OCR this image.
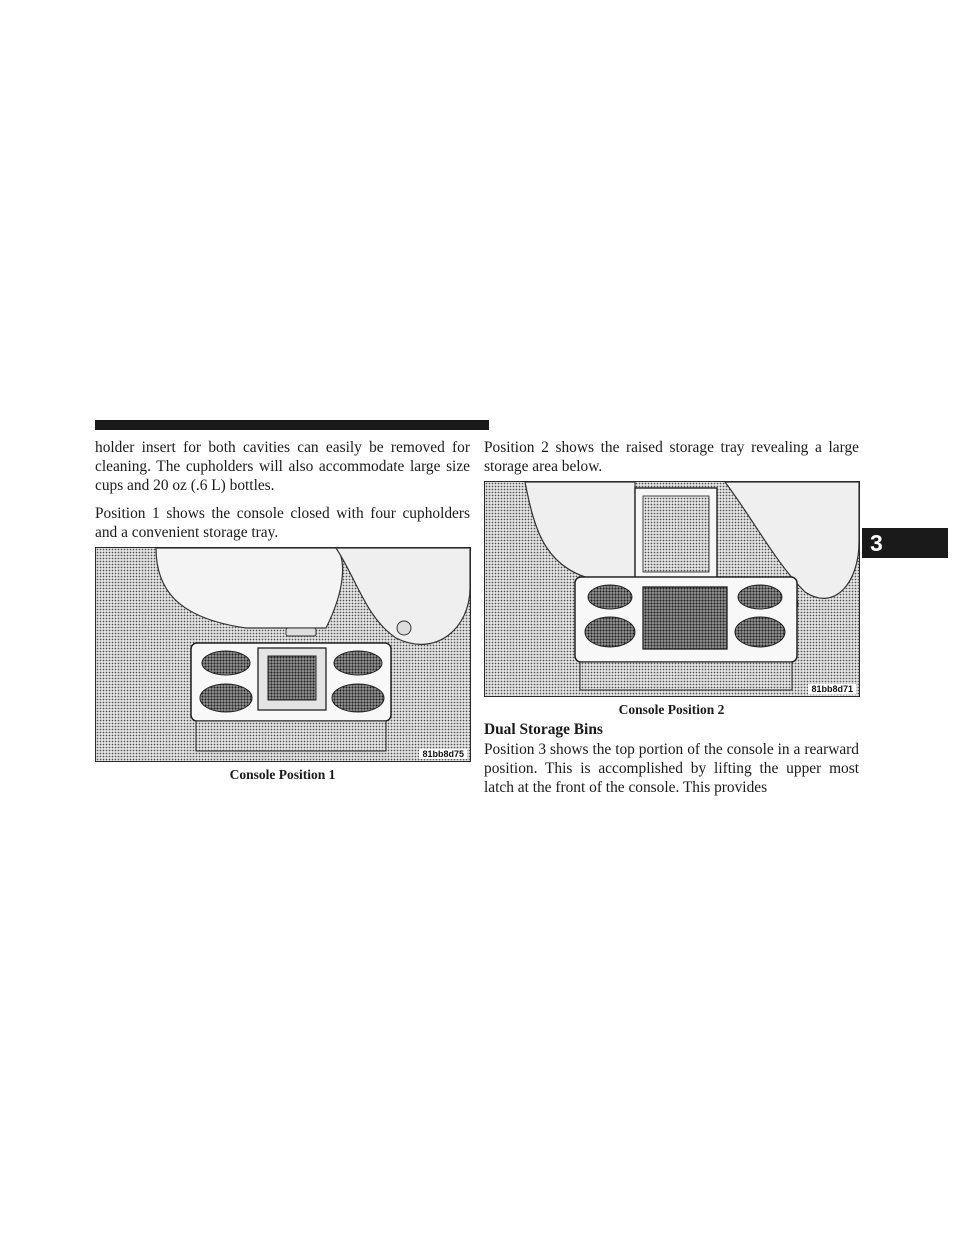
holder insert for both cavities can easily be removed for cleaning. The cupholders will also accommodate large size cups and 20 oz (.6 L) bottles.

Position 1 shows the console closed with four cupholders and a convenient storage tray.

81bb8d75
Console Position 1

Position 2 shows the raised storage tray revealing a large storage area below.

81bb8d71
Console Position 2
Dual Storage Bins

Position 3 shows the top portion of the console in a rearward position. This is accomplished by lifting the upper most latch at the front of the console. This provides

3
